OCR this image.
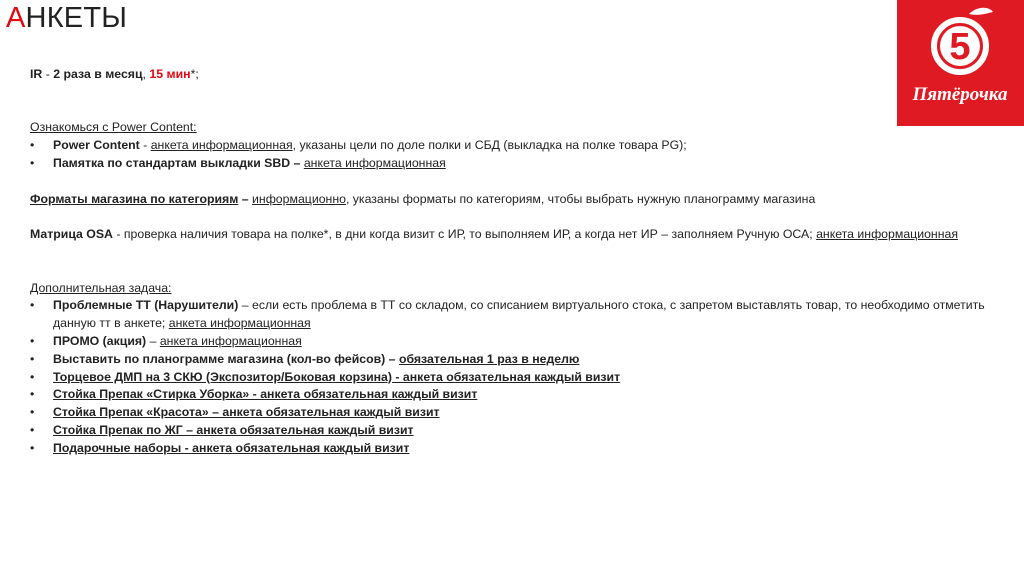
АНКЕТЫ
5
Пятёрочка
IR - 2 раза в месяц, 15 мин*;
Ознакомься с Power Content:
• Power Content - анкета информационная, указаны цели по доле полки и СБД (выкладка на полке товара PG);
• Памятка по стандартам выкладки SBD – анкета информационная
Форматы магазина по категориям – информационно, указаны форматы по категориям, чтобы выбрать нужную планограмму магазина
Матрица OSA - проверка наличия товара на полке*, в дни когда визит с ИР, то выполняем ИР, а когда нет ИР – заполняем Ручную ОСА; анкета информационная
Дополнительная задача:
• Проблемные ТТ (Нарушители) – если есть проблема в ТТ со складом, со списанием виртуального стока, с запретом выставлять товар, то необходимо отметить данную тт в анкете; анкета информационная
• ПРОМО (акция) – анкета информационная
• Выставить по планограмме магазина (кол-во фейсов) – обязательная 1 раз в неделю
• Торцевое ДМП на 3 СКЮ (Экспозитор/Боковая корзина) - анкета обязательная каждый визит
• Стойка Препак «Стирка Уборка» - анкета обязательная каждый визит
• Стойка Препак «Красота» – анкета обязательная каждый визит
• Стойка Препак по ЖГ – анкета обязательная каждый визит
• Подарочные наборы - анкета обязательная каждый визит
